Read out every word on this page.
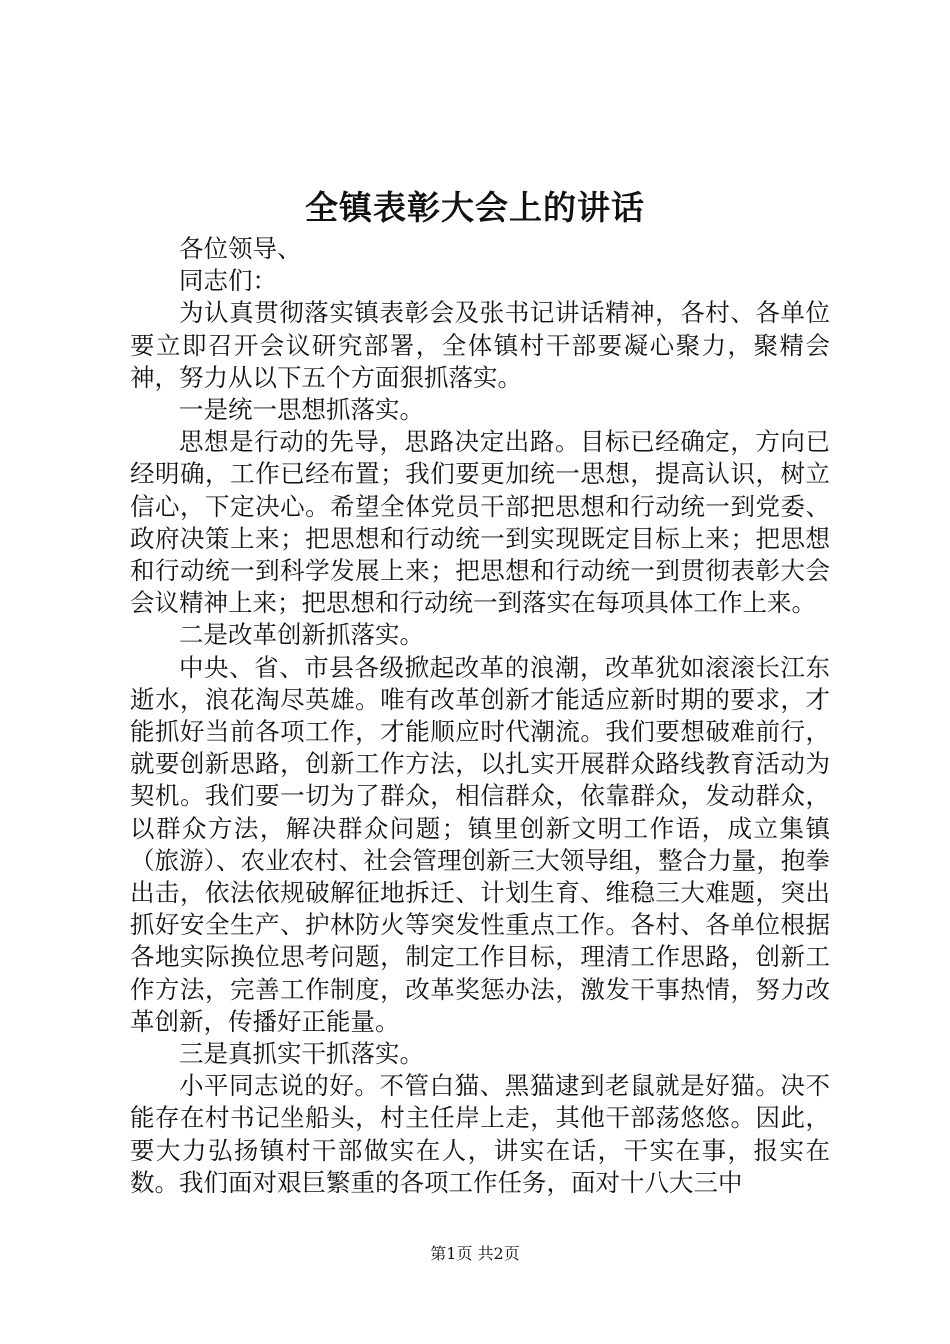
全镇表彰大会上的讲话

各位领导、

同志们：

为认真贯彻落实镇表彰会及张书记讲话精神，各村、各单位要立即召开会议研究部署，全体镇村干部要凝心聚力，聚精会神，努力从以下五个方面狠抓落实。

一是统一思想抓落实。

思想是行动的先导，思路决定出路。目标已经确定，方向已经明确，工作已经布置；我们要更加统一思想，提高认识，树立信心，下定决心。希望全体党员干部把思想和行动统一到党委、政府决策上来；把思想和行动统一到实现既定目标上来；把思想和行动统一到科学发展上来；把思想和行动统一到贯彻表彰大会会议精神上来；把思想和行动统一到落实在每项具体工作上来。

二是改革创新抓落实。

中央、省、市县各级掀起改革的浪潮，改革犹如滚滚长江东逝水，浪花淘尽英雄。唯有改革创新才能适应新时期的要求，才能抓好当前各项工作，才能顺应时代潮流。我们要想破难前行，就要创新思路，创新工作方法，以扎实开展群众路线教育活动为契机。我们要一切为了群众，相信群众，依靠群众，发动群众，以群众方法，解决群众问题；镇里创新文明工作语，成立集镇（旅游）、农业农村、社会管理创新三大领导组，整合力量，抱拳出击，依法依规破解征地拆迁、计划生育、维稳三大难题，突出抓好安全生产、护林防火等突发性重点工作。各村、各单位根据各地实际换位思考问题，制定工作目标，理清工作思路，创新工作方法，完善工作制度，改革奖惩办法，激发干事热情，努力改革创新，传播好正能量。

三是真抓实干抓落实。

小平同志说的好。不管白猫、黑猫逮到老鼠就是好猫。决不能存在村书记坐船头，村主任岸上走，其他干部荡悠悠。因此，要大力弘扬镇村干部做实在人，讲实在话，干实在事，报实在数。我们面对艰巨繁重的各项工作任务，面对十八大三中

第1页 共2页
